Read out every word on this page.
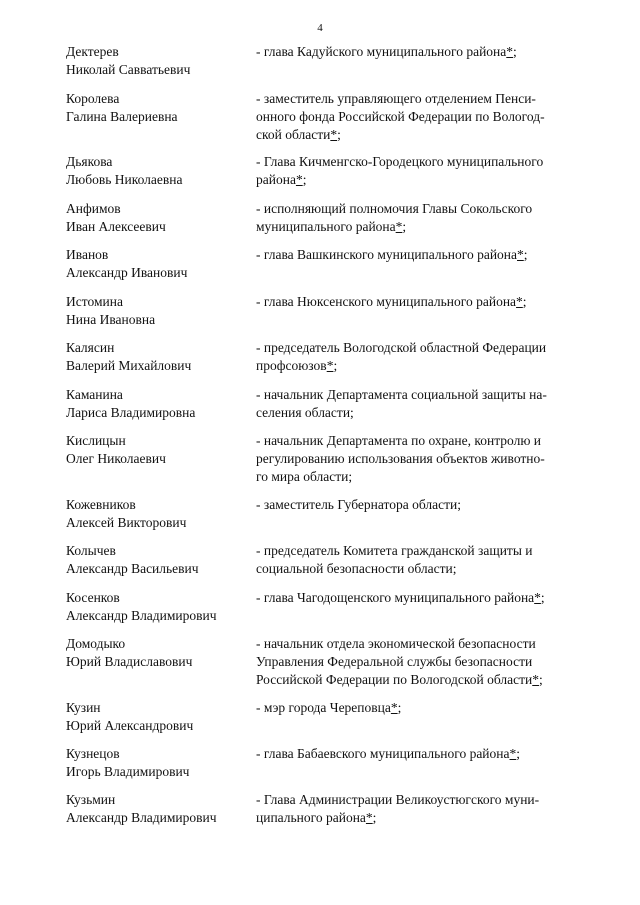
4
Дектерев
Николай Савватьевич
- глава Кадуйского муниципального района*;
Королева
Галина Валериевна
- заместитель управляющего отделением Пенси-
онного фонда Российской Федерации по Вологод-
ской области*;
Дьякова
Любовь Николаевна
- Глава Кичменгско-Городецкого муниципального
района*;
Анфимов
Иван Алексеевич
- исполняющий полномочия Главы Сокольского
муниципального района*;
Иванов
Александр Иванович
- глава Вашкинского муниципального района*;
Истомина
Нина Ивановна
- глава Нюксенского муниципального района*;
Калясин
Валерий Михайлович
- председатель Вологодской областной Федерации
профсоюзов*;
Каманина
Лариса Владимировна
- начальник Департамента социальной защиты на-
селения области;
Кислицын
Олег Николаевич
- начальник Департамента по охране, контролю и
регулированию использования объектов животно-
го мира области;
Кожевников
Алексей Викторович
- заместитель Губернатора области;
Колычев
Александр Васильевич
- председатель Комитета гражданской защиты и
социальной безопасности области;
Косенков
Александр Владимирович
- глава Чагодощенского муниципального района*;
Домодыко
Юрий Владиславович
- начальник отдела экономической безопасности
Управления Федеральной службы безопасности
Российской Федерации по Вологодской области*;
Кузин
Юрий Александрович
- мэр города Череповца*;
Кузнецов
Игорь Владимирович
- глава Бабаевского муниципального района*;
Кузьмин
Александр Владимирович
- Глава Администрации Великоустюгского муни-
ципального района*;
